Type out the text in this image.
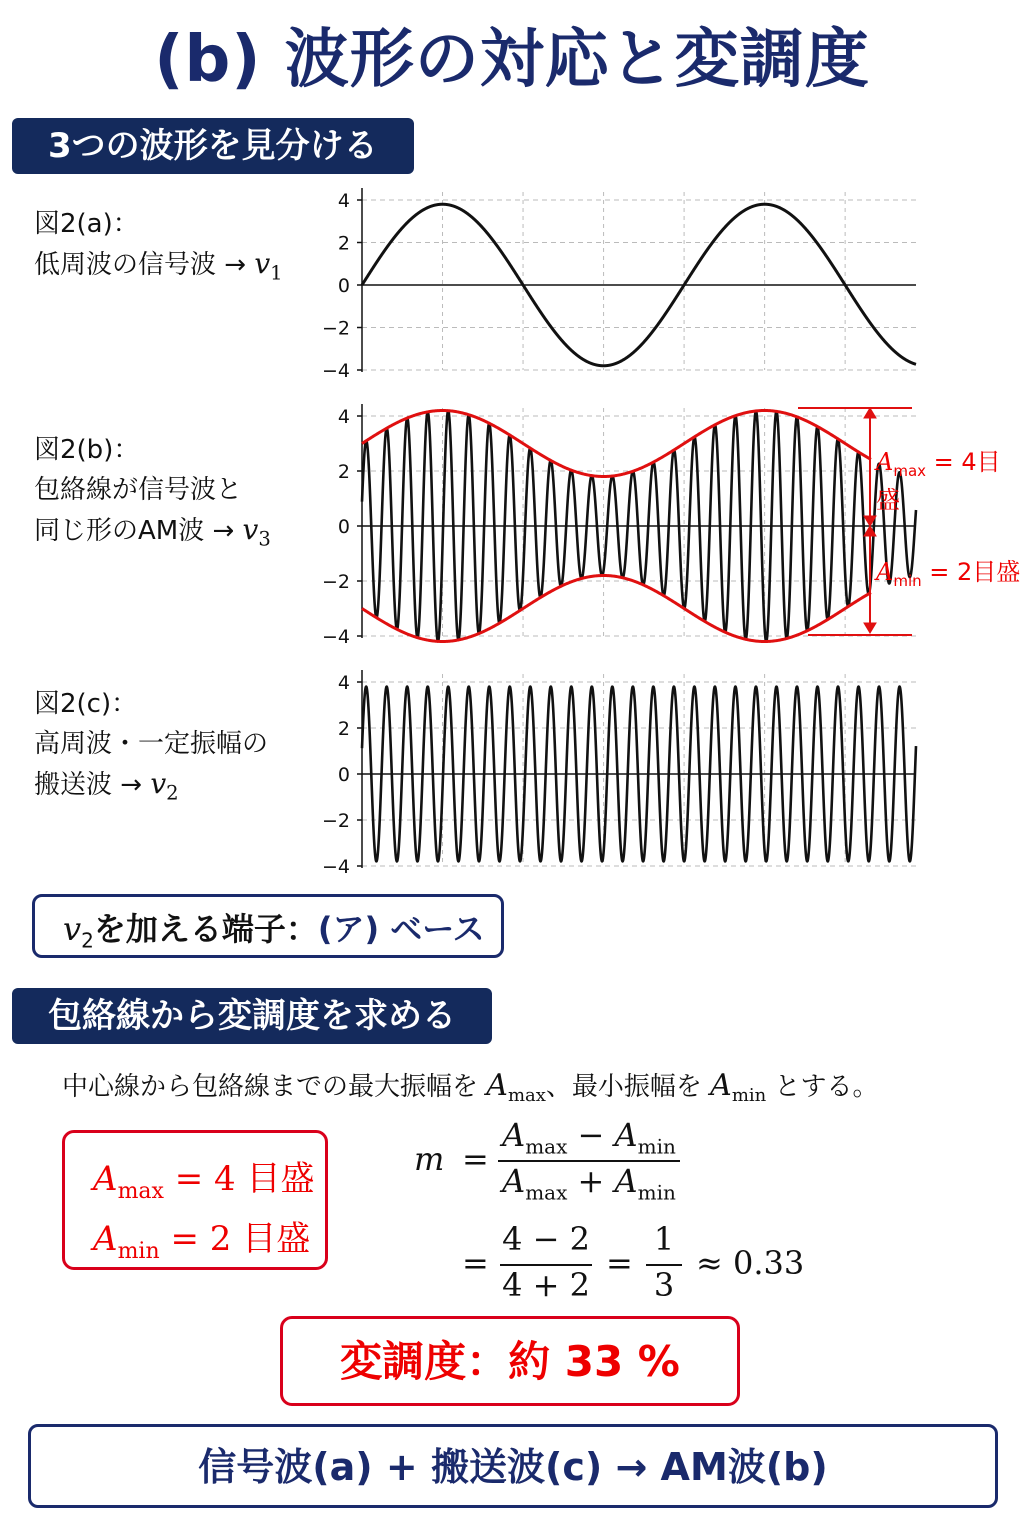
(b) 波形の対応と変調度
3つの波形を見分ける
図2(a)：
低周波の信号波 → $v_1$
図2(b)：
包絡線が信号波と
同じ形のAM波 → $v_3$
図2(c)：
高周波・一定振幅の
搬送波 → $v_2$
4
2
0
−2
−4
4
2
0
−2
−4
4
2
0
−2
−4
$A_{max} = 4$目盛
$A_{min} = 2$目盛
$v_2$を加える端子：(ア) ベース
包絡線から変調度を求める
中心線から包絡線までの最大振幅を $A_{max}$、最小振幅を $A_{min}$ とする。
$A_{max} = 4$ 目盛
$A_{min} = 2$ 目盛
m =
$A_{max} - A_{min}$
$A_{max} + A_{min}$
=
4 − 2
4 + 2
=
1
3
≈ 0.33
変調度：約 33 %
信号波(a) + 搬送波(c) → AM波(b)
